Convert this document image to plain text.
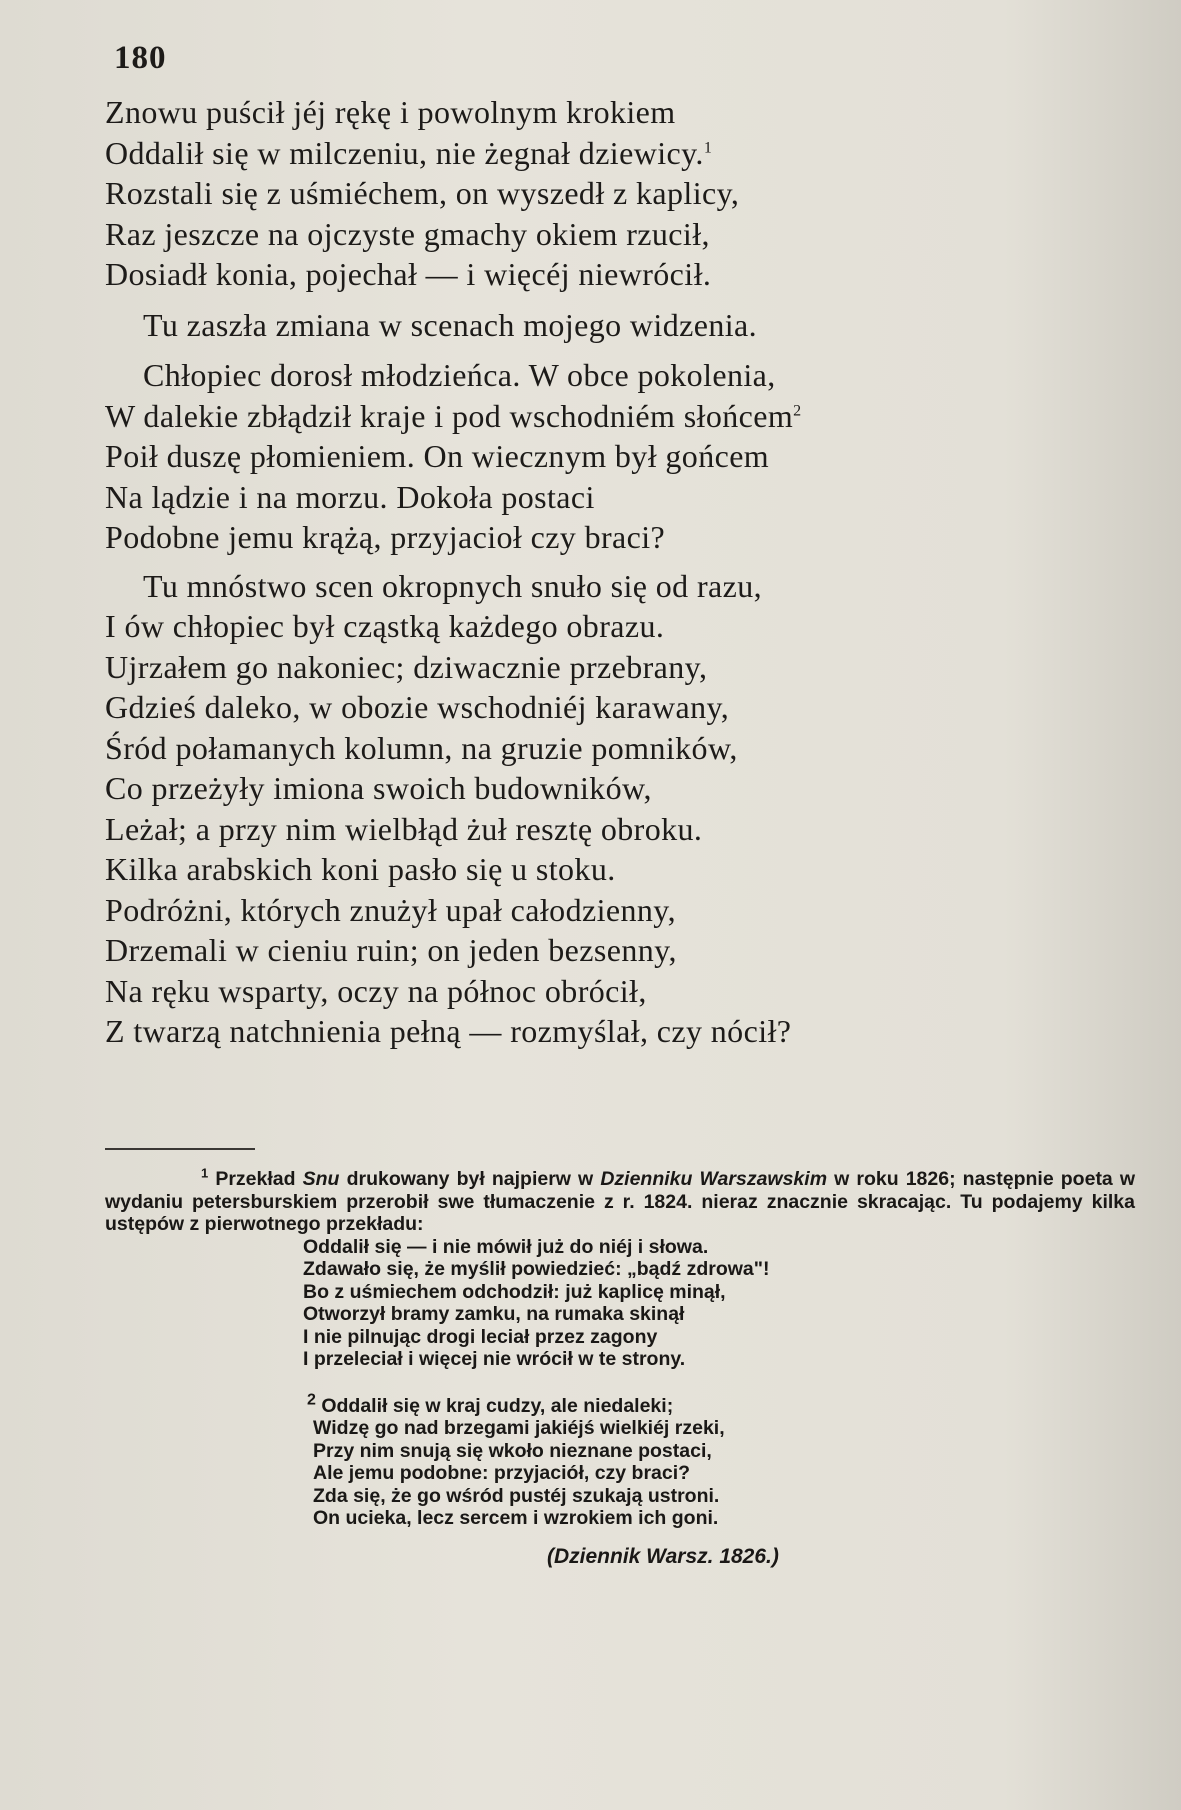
180
Znowu puścił jéj rękę i powolnym krokiem
Oddalił się w milczeniu, nie żegnał dziewicy.$^1$
Rozstali się z uśmiéchem, on wyszedł z kaplicy,
Raz jeszcze na ojczyste gmachy okiem rzucił,
Dosiadł konia, pojechał — i więcéj niewrócił.
Tu zaszła zmiana w scenach mojego widzenia.
Chłopiec dorosł młodzieńca. W obce pokolenia,
W dalekie zbłądził kraje i pod wschodniém słońcem$^2$
Poił duszę płomieniem. On wiecznym był gońcem
Na lądzie i na morzu. Dokoła postaci
Podobne jemu krążą, przyjacioł czy braci?
Tu mnóstwo scen okropnych snuło się od razu,
I ów chłopiec był cząstką każdego obrazu.
Ujrzałem go nakoniec; dziwacznie przebrany,
Gdzieś daleko, w obozie wschodniéj karawany,
Śród połamanych kolumn, na gruzie pomników,
Co przeżyły imiona swoich budowników,
Leżał; a przy nim wielbłąd żuł resztę obroku.
Kilka arabskich koni pasło się u stoku.
Podróżni, których znużył upał całodzienny,
Drzemali w cieniu ruin; on jeden bezsenny,
Na ręku wsparty, oczy na północ obrócił,
Z twarzą natchnienia pełną — rozmyślał, czy nócił?

$^1$ Przekład Snu drukowany był najpierw w Dzienniku Warszawskim w roku 1826; następnie poeta w wydaniu petersburskiem przerobił swe tłumaczenie z r. 1824. nieraz znacznie skracając. Tu podajemy kilka ustępów z pierwotnego przekładu:

Oddalił się — i nie mówił już do niéj i słowa.
Zdawało się, że myślił powiedzieć: „bądź zdrowa"!
Bo z uśmiechem odchodził: już kaplicę minął,
Otworzył bramy zamku, na rumaka skinął
I nie pilnując drogi leciał przez zagony
I przeleciał i więcej nie wrócił w te strony.
$^2$ Oddalił się w kraj cudzy, ale niedaleki;
Widzę go nad brzegami jakiéjś wielkiéj rzeki,
Przy nim snują się wkoło nieznane postaci,
Ale jemu podobne: przyjaciół, czy braci?
Zda się, że go wśród pustéj szukają ustroni.
On ucieka, lecz sercem i wzrokiem ich goni.
(Dziennik Warsz. 1826.)
